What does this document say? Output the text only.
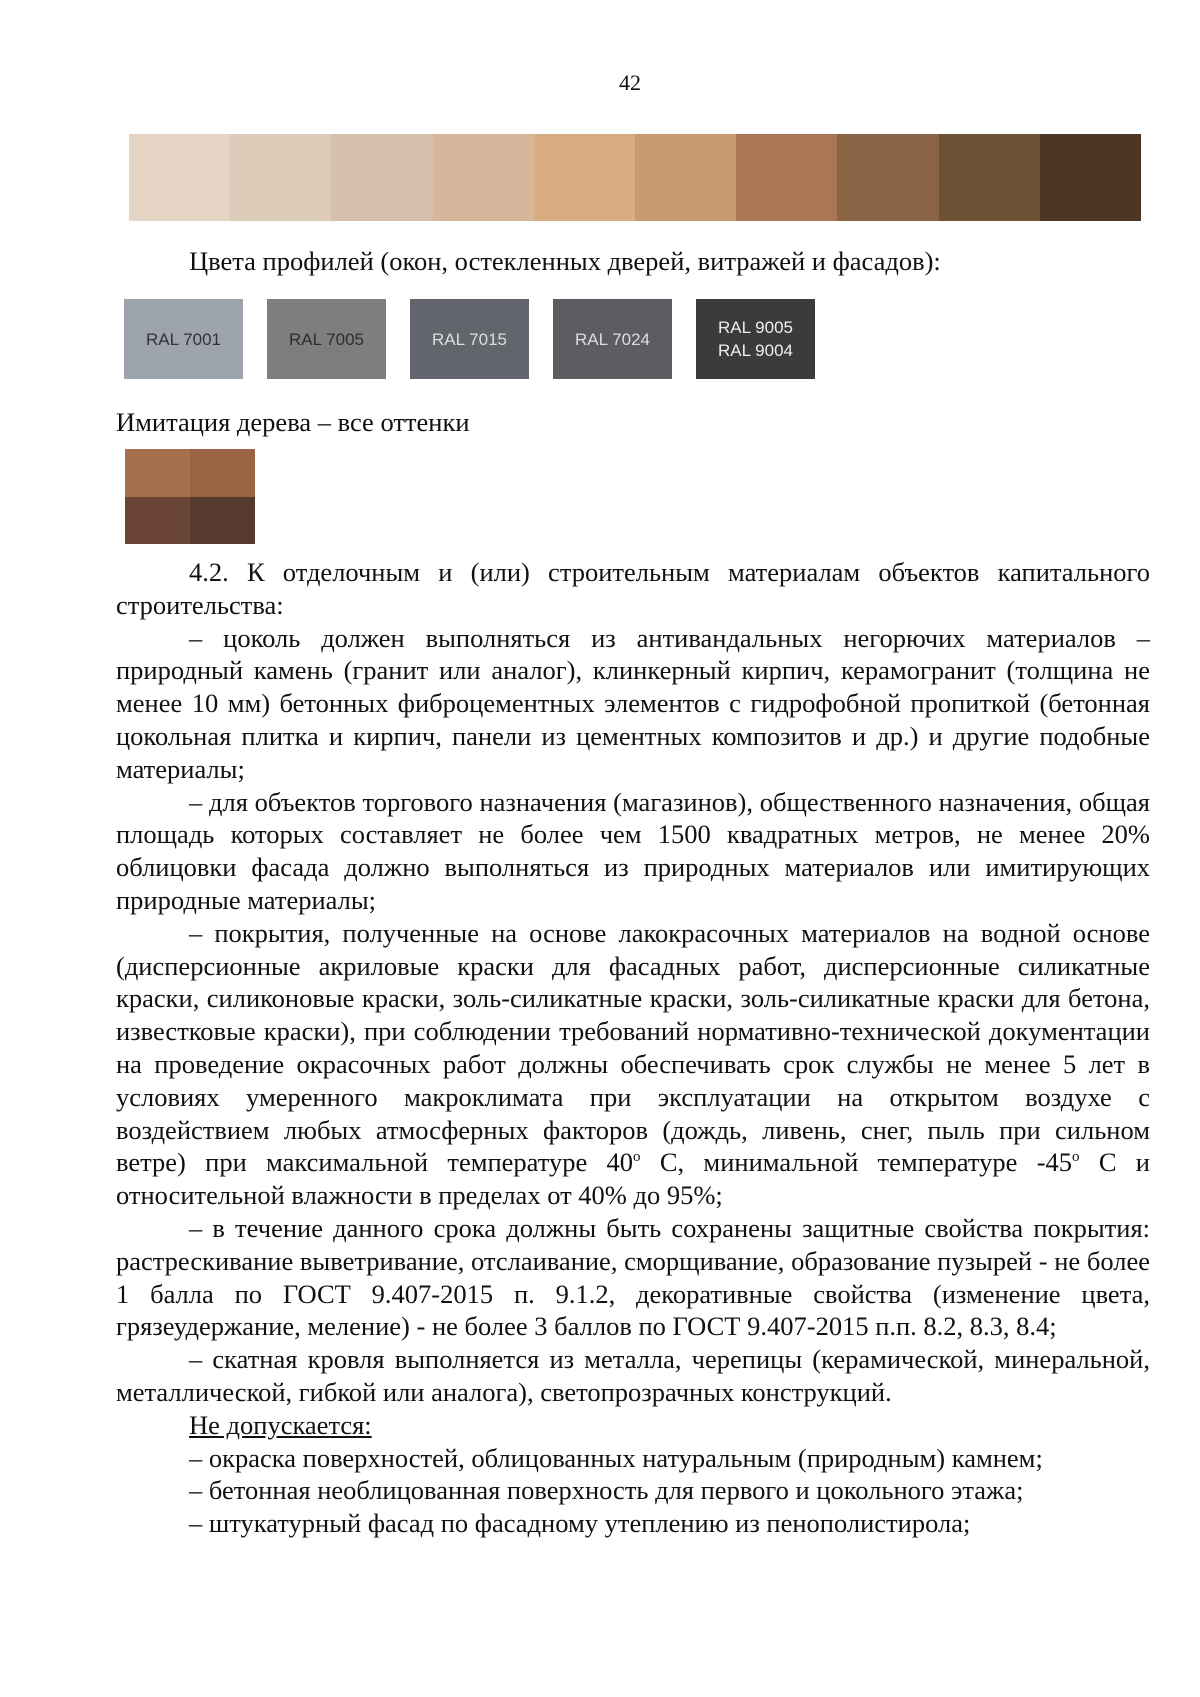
42
Цвета профилей (окон, остекленных дверей, витражей и фасадов):
RAL 7001	RAL 7005	RAL 7015	RAL 7024
RAL 9005
RAL 9004
Имитация дерева – все оттенки

4.2. К отделочным и (или) строительным материалам объектов капитального строительства:

– цоколь должен выполняться из антивандальных негорючих материалов – природный камень (гранит или аналог), клинкерный кирпич, керамогранит (толщина не менее 10 мм) бетонных фиброцементных элементов с гидрофобной пропиткой (бетонная цокольная плитка и кирпич, панели из цементных композитов и др.) и другие подобные материалы;

– для объектов торгового назначения (магазинов), общественного назначения, общая площадь которых составляет не более чем 1500 квадратных метров, не менее 20% облицовки фасада должно выполняться из природных материалов или имитирующих природные материалы;

– покрытия, полученные на основе лакокрасочных материалов на водной основе (дисперсионные акриловые краски для фасадных работ, дисперсионные силикатные краски, силиконовые краски, золь-силикатные краски, золь-силикатные краски для бетона, известковые краски), при соблюдении требований нормативно-технической документации на проведение окрасочных работ должны обеспечивать срок службы не менее 5 лет в условиях умеренного макроклимата при эксплуатации на открытом воздухе с воздействием любых атмосферных факторов (дождь, ливень, снег, пыль при сильном ветре) при максимальной температуре 40$^o$ С, минимальной температуре -45$^o$ С и относительной влажности в пределах от 40% до 95%;

– в течение данного срока должны быть сохранены защитные свойства покрытия: растрескивание выветривание, отслаивание, сморщивание, образование пузырей - не более 1 балла по ГОСТ 9.407-2015 п. 9.1.2, декоративные свойства (изменение цвета, грязеудержание, меление) - не более 3 баллов по ГОСТ 9.407-2015 п.п. 8.2, 8.3, 8.4;

– скатная кровля выполняется из металла, черепицы (керамической, минеральной, металлической, гибкой или аналога), светопрозрачных конструкций.

Не допускается:

– окраска поверхностей, облицованных натуральным (природным) камнем;

– бетонная необлицованная поверхность для первого и цокольного этажа;

– штукатурный фасад по фасадному утеплению из пенополистирола;
